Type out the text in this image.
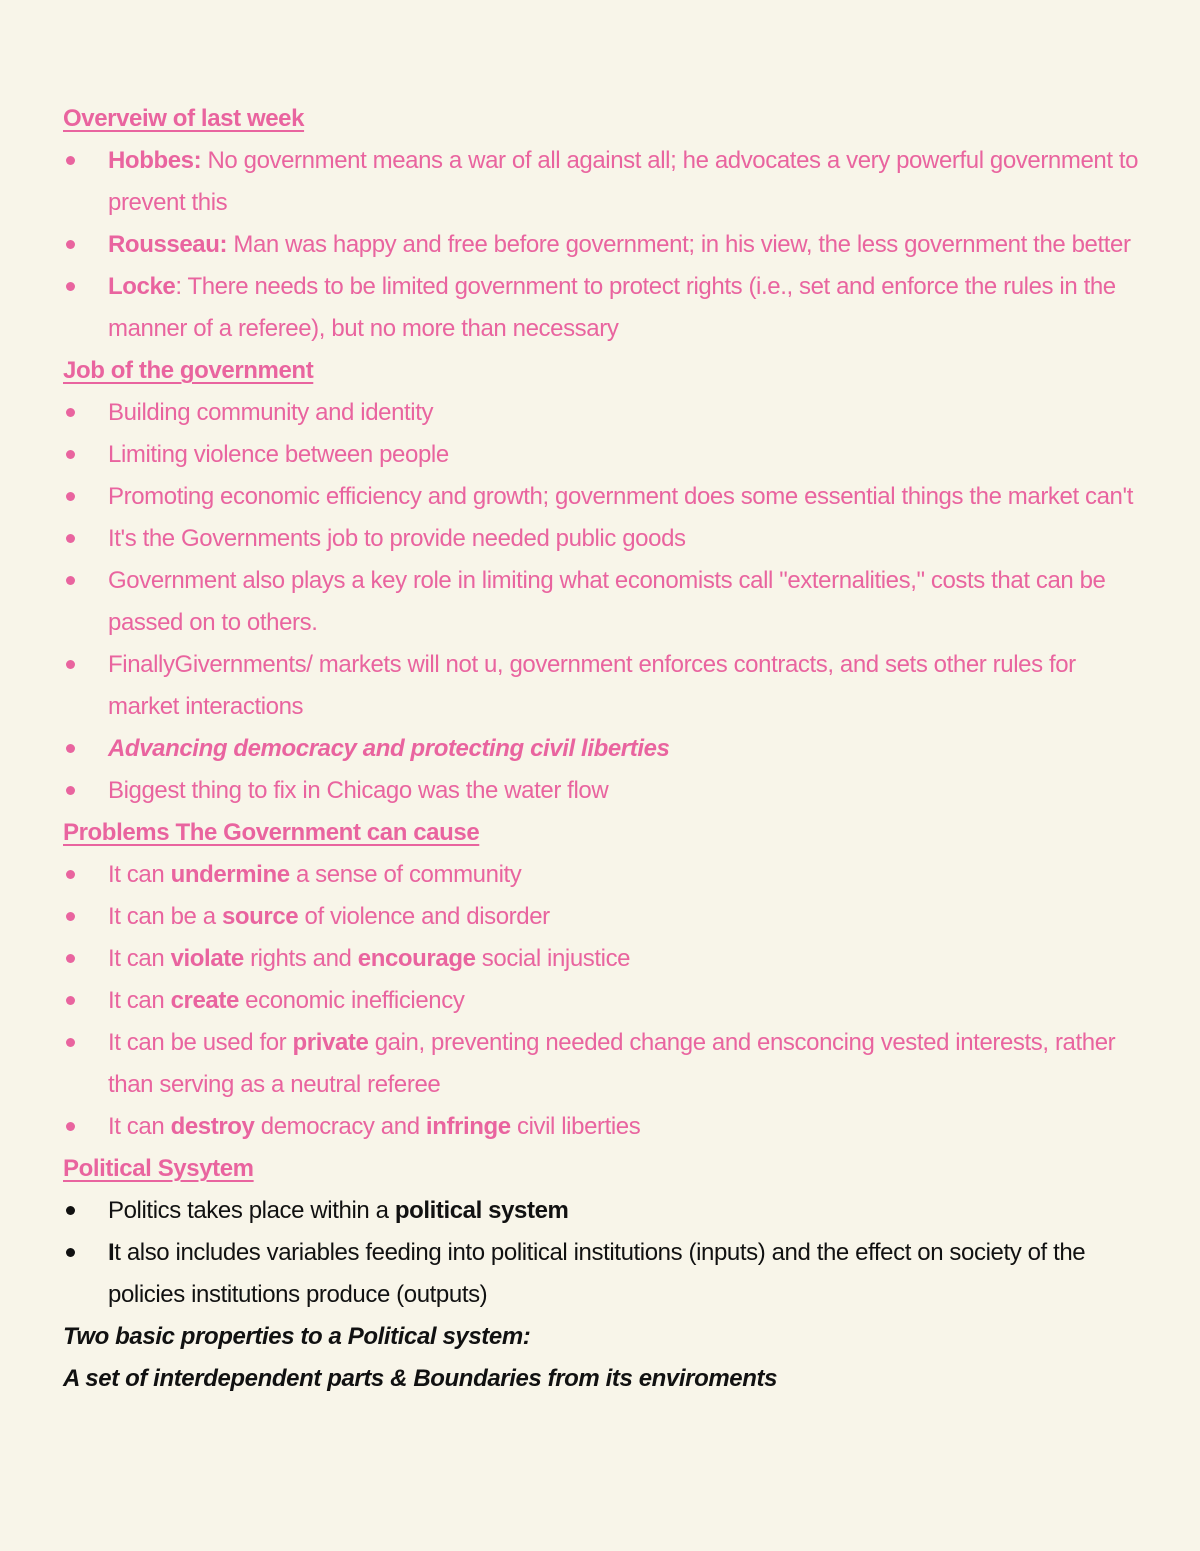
Overveiw of last week

Hobbes: No government means a war of all against all; he advocates a very powerful government to prevent this
Rousseau: Man was happy and free before government; in his view, the less government the better
Locke: There needs to be limited government to protect rights (i.e., set and enforce the rules in the manner of a referee), but no more than necessary

Job of the government

Building community and identity
Limiting violence between people
Promoting economic efficiency and growth; government does some essential things the market can't
It's the Governments job to provide needed public goods
Government also plays a key role in limiting what economists call "externalities," costs that can be passed on to others.
FinallyGivernments/ markets will not u, government enforces contracts, and sets other rules for market interactions
Advancing democracy and protecting civil liberties
Biggest thing to fix in Chicago was the water flow

Problems The Government can cause

It can undermine a sense of community
It can be a source of violence and disorder
It can violate rights and encourage social injustice
It can create economic inefficiency
It can be used for private gain, preventing needed change and ensconcing vested interests, rather than serving as a neutral referee
It can destroy democracy and infringe civil liberties

Political Sysytem

Politics takes place within a political system
It also includes variables feeding into political institutions (inputs) and the effect on society of the policies institutions produce (outputs)

Two basic properties to a Political system:

A set of interdependent parts & Boundaries from its enviroments
